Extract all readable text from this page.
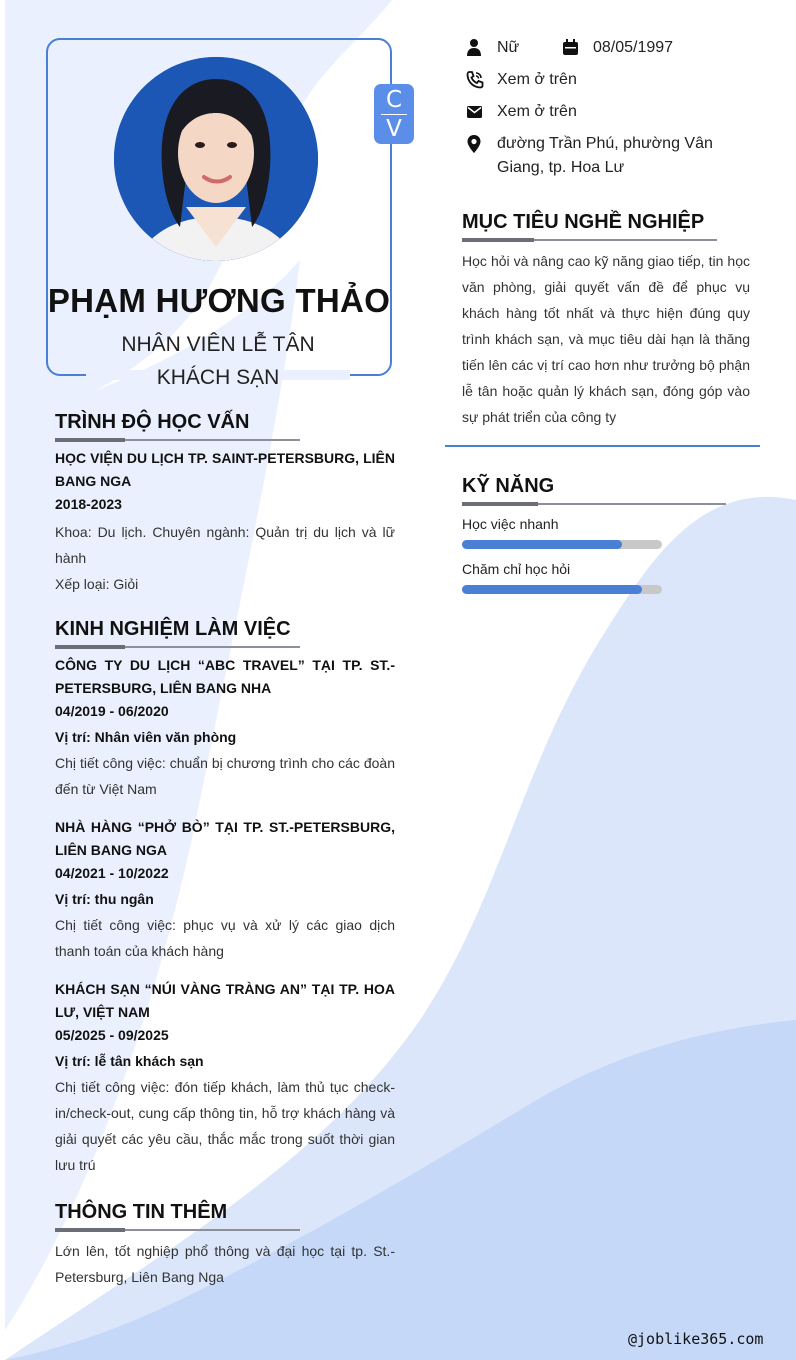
C
V
PHẠM HƯƠNG THẢO
NHÂN VIÊN LỄ TÂN
KHÁCH SẠN
Nữ	08/05/1997
Xem ở trên
Xem ở trên
đường Trần Phú, phường Vân
Giang, tp. Hoa Lư
MỤC TIÊU NGHỀ NGHIỆP
Học hỏi và nâng cao kỹ năng giao tiếp, tin học văn phòng, giải quyết vấn đề để phục vụ khách hàng tốt nhất và thực hiện đúng quy trình khách sạn, và mục tiêu dài hạn là thăng tiến lên các vị trí cao hơn như trưởng bộ phận lễ tân hoặc quản lý khách sạn, đóng góp vào sự phát triển của công ty
KỸ NĂNG
Học việc nhanh
Chăm chỉ học hỏi
TRÌNH ĐỘ HỌC VẤN
HỌC VIỆN DU LỊCH TP. SAINT-PETERSBURG, LIÊN BANG NGA
2018-2023
Khoa: Du lịch. Chuyên ngành: Quản trị du lịch và lữ hành
Xếp loại: Giỏi
KINH NGHIỆM LÀM VIỆC
CÔNG TY DU LỊCH “ABC TRAVEL” TẠI TP. ST.-PETERSBURG, LIÊN BANG NHA
04/2019 - 06/2020
Vị trí: Nhân viên văn phòng
Chị tiết công việc: chuẩn bị chương trình cho các đoàn đến từ Việt Nam
NHÀ HÀNG “PHỞ BÒ” TẠI TP. ST.-PETERSBURG, LIÊN BANG NGA
04/2021 - 10/2022
Vị trí: thu ngân
Chị tiết công việc: phục vụ và xử lý các giao dịch thanh toán của khách hàng
KHÁCH SẠN “NÚI VÀNG TRÀNG AN” TẠI TP. HOA LƯ, VIỆT NAM
05/2025 - 09/2025
Vị trí: lễ tân khách sạn
Chị tiết công việc: đón tiếp khách, làm thủ tục check-in/check-out, cung cấp thông tin, hỗ trợ khách hàng và giải quyết các yêu cầu, thắc mắc trong suốt thời gian lưu trú
THÔNG TIN THÊM
Lớn lên, tốt nghiệp phổ thông và đại học tại tp. St.-Petersburg, Liên Bang Nga
@joblike365.com
